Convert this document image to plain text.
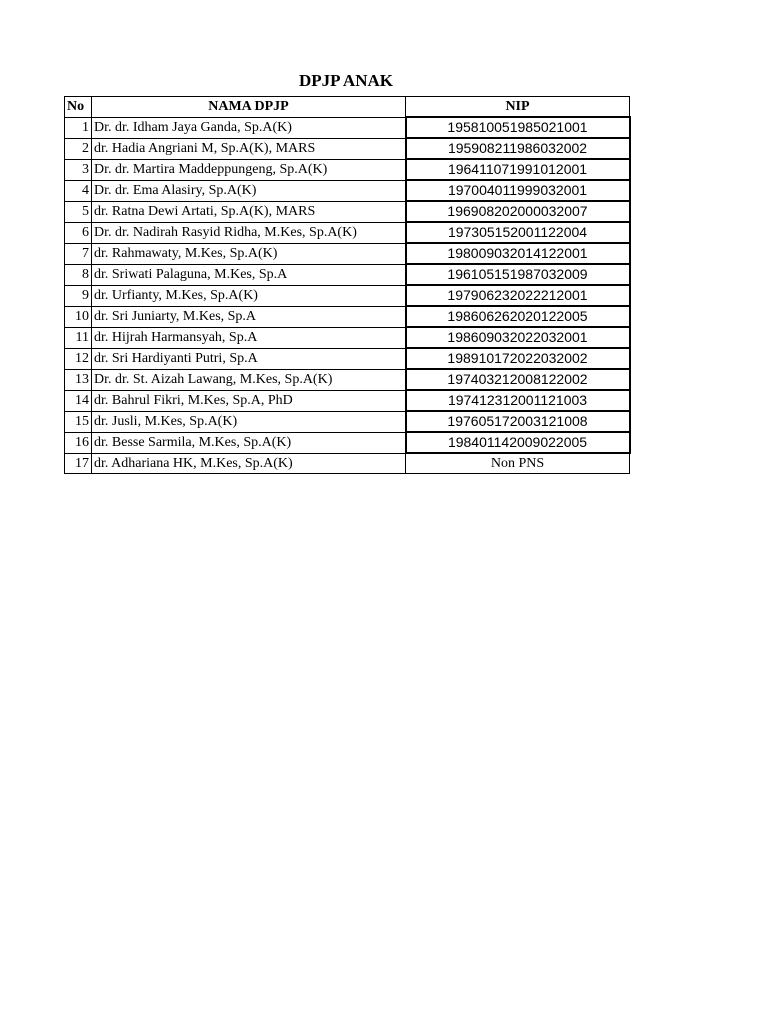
DPJP ANAK
No	NAMA DPJP	NIP
1	Dr. dr. Idham Jaya Ganda, Sp.A(K)	195810051985021001
2	dr. Hadia Angriani M, Sp.A(K), MARS	195908211986032002
3	Dr. dr. Martira Maddeppungeng, Sp.A(K)	196411071991012001
4	Dr. dr. Ema Alasiry, Sp.A(K)	197004011999032001
5	dr. Ratna Dewi Artati, Sp.A(K), MARS	196908202000032007
6	Dr. dr. Nadirah Rasyid Ridha, M.Kes, Sp.A(K)	197305152001122004
7	dr. Rahmawaty, M.Kes, Sp.A(K)	198009032014122001
8	dr. Sriwati Palaguna, M.Kes, Sp.A	196105151987032009
9	dr. Urfianty, M.Kes, Sp.A(K)	197906232022212001
10	dr. Sri Juniarty, M.Kes, Sp.A	198606262020122005
11	dr. Hijrah Harmansyah, Sp.A	198609032022032001
12	dr. Sri Hardiyanti Putri, Sp.A	198910172022032002
13	Dr. dr. St. Aizah Lawang, M.Kes, Sp.A(K)	197403212008122002
14	dr. Bahrul Fikri, M.Kes, Sp.A, PhD	197412312001121003
15	dr. Jusli, M.Kes, Sp.A(K)	197605172003121008
16	dr. Besse Sarmila, M.Kes, Sp.A(K)	198401142009022005
17	dr. Adhariana HK, M.Kes, Sp.A(K)	Non PNS
